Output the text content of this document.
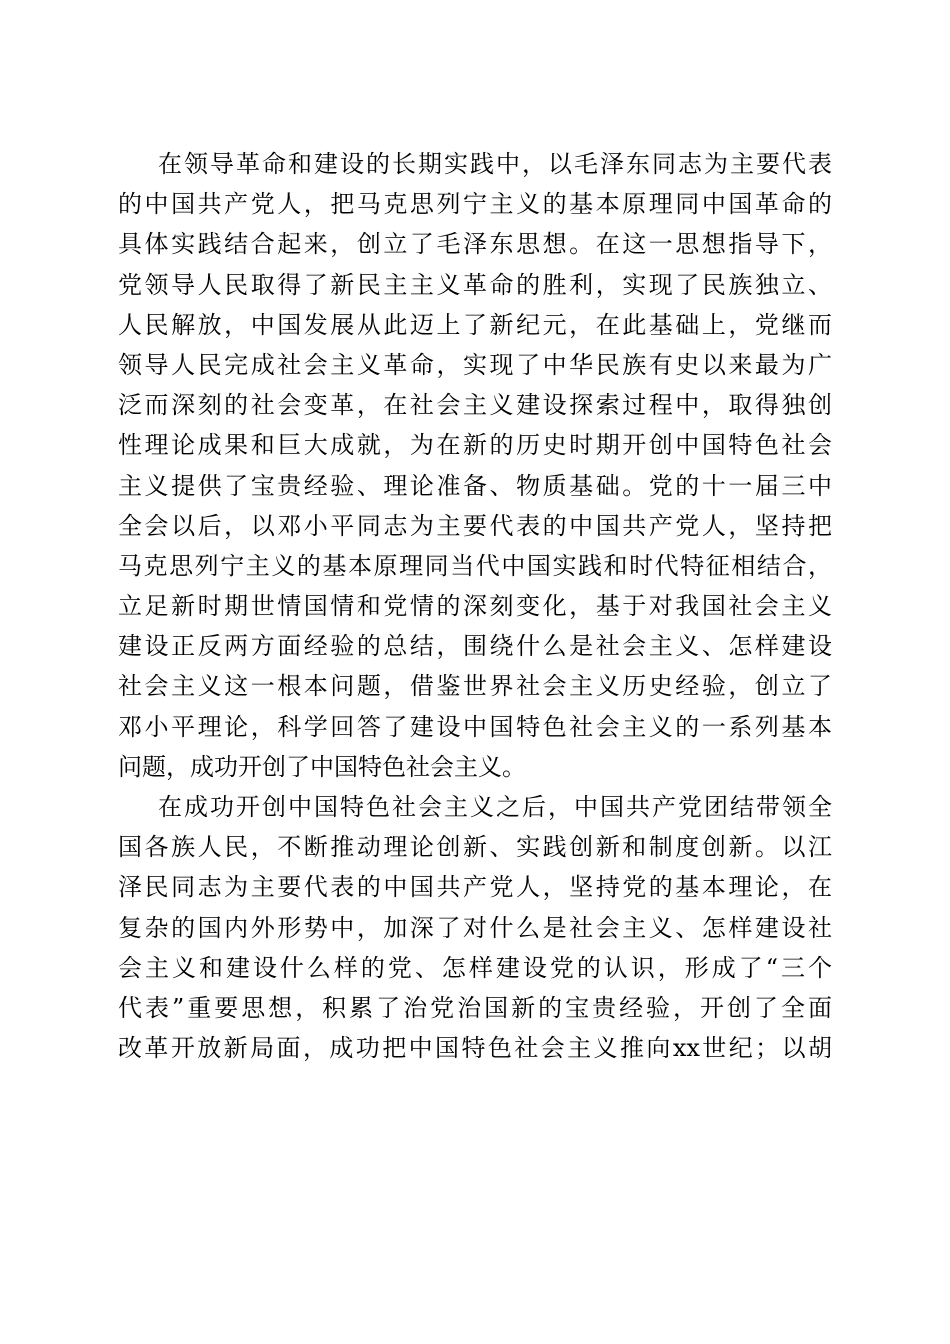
在领导革命和建设的长期实践中，以毛泽东同志为主要代表
的中国共产党人，把马克思列宁主义的基本原理同中国革命的
具体实践结合起来，创立了毛泽东思想。在这一思想指导下，
党领导人民取得了新民主主义革命的胜利，实现了民族独立、
人民解放，中国发展从此迈上了新纪元，在此基础上，党继而
领导人民完成社会主义革命，实现了中华民族有史以来最为广
泛而深刻的社会变革，在社会主义建设探索过程中，取得独创
性理论成果和巨大成就，为在新的历史时期开创中国特色社会
主义提供了宝贵经验、理论准备、物质基础。党的十一届三中
全会以后，以邓小平同志为主要代表的中国共产党人，坚持把
马克思列宁主义的基本原理同当代中国实践和时代特征相结合，
立足新时期世情国情和党情的深刻变化，基于对我国社会主义
建设正反两方面经验的总结，围绕什么是社会主义、怎样建设
社会主义这一根本问题，借鉴世界社会主义历史经验，创立了
邓小平理论，科学回答了建设中国特色社会主义的一系列基本
问题，成功开创了中国特色社会主义。
在成功开创中国特色社会主义之后，中国共产党团结带领全
国各族人民，不断推动理论创新、实践创新和制度创新。以江
泽民同志为主要代表的中国共产党人，坚持党的基本理论，在
复杂的国内外形势中，加深了对什么是社会主义、怎样建设社
会主义和建设什么样的党、怎样建设党的认识，形成了“三个
代表”重要思想，积累了治党治国新的宝贵经验，开创了全面
改革开放新局面，成功把中国特色社会主义推向xx世纪；以胡
